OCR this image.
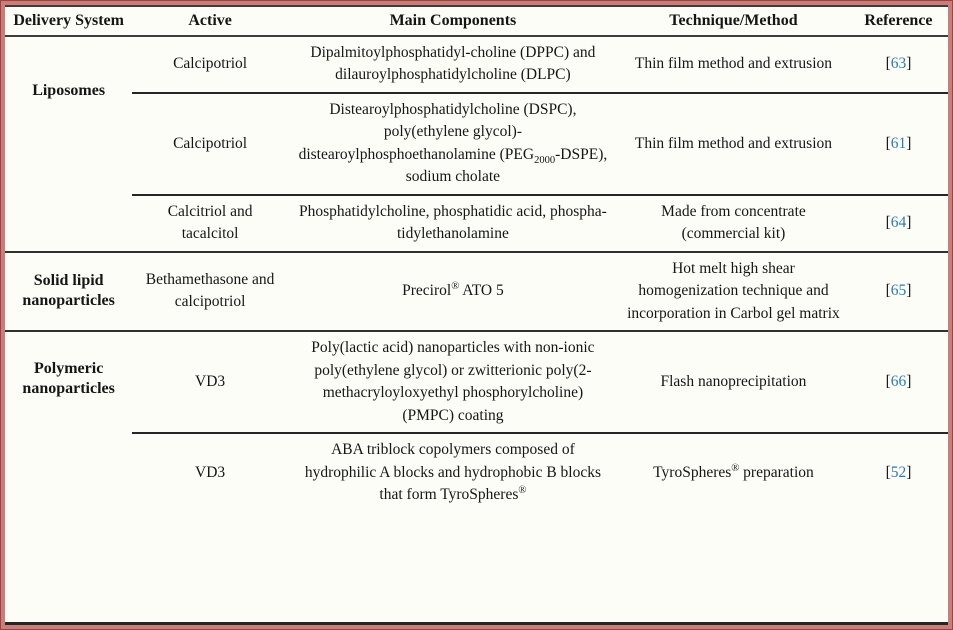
Delivery System	Active	Main Components	Technique/Method	Reference
Liposomes	Calcipotriol	Dipalmitoylphosphatidyl-choline (DPPC) and dilauroylphosphatidylcholine (DLPC)	Thin film method and extrusion	[63]
	Calcipotriol	Distearoylphosphatidylcholine (DSPC), poly(ethylene glycol)-distearoylphosphoethanolamine $(PEG_{2000}-DSPE)$, sodium cholate	Thin film method and extrusion	[61]
	Calcitriol and tacalcitol	Phosphatidylcholine, phosphatidic acid, phospha-tidylethanolamine	Made from concentrate (commercial kit)	[64]
Solid lipid nanoparticles	Bethamethasone and calcipotriol	Precirol® ATO 5	Hot melt high shear homogenization technique and incorporation in Carbol gel matrix	[65]
Polymeric nanoparticles	VD3	Poly(lactic acid) nanoparticles with non-ionic poly(ethylene glycol) or zwitterionic poly(2-methacryloyloxyethyl phosphorylcholine) (PMPC) coating	Flash nanoprecipitation	[66]
	VD3	ABA triblock copolymers composed of hydrophilic A blocks and hydrophobic B blocks that form TyroSpheres®	TyroSpheres® preparation	[52]
